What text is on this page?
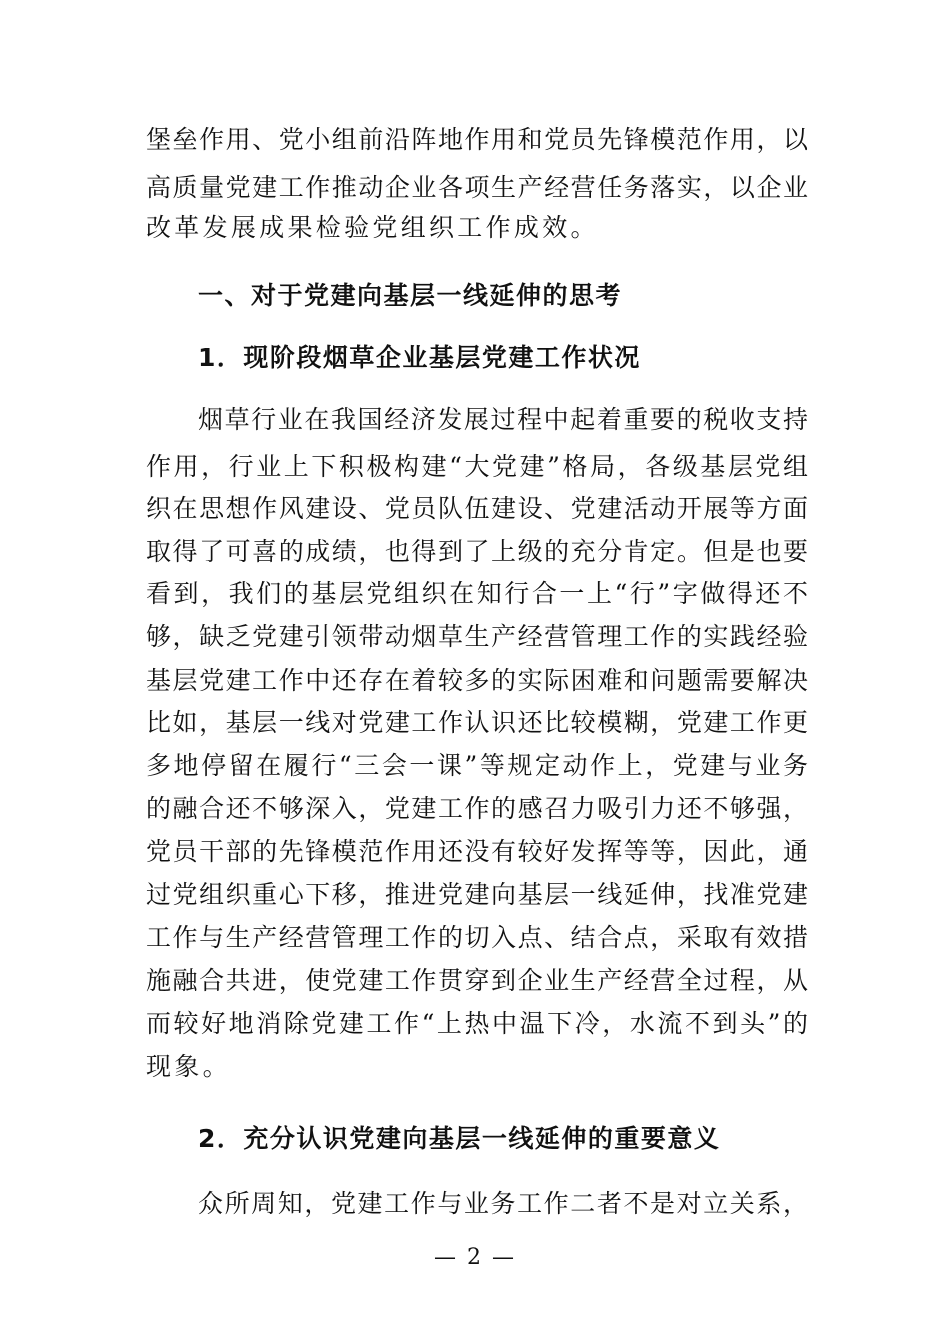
堡垒作用、党小组前沿阵地作用和党员先锋模范作用，以
高质量党建工作推动企业各项生产经营任务落实，以企业
改革发展成果检验党组织工作成效。
一、对于党建向基层一线延伸的思考
1．现阶段烟草企业基层党建工作状况
烟草行业在我国经济发展过程中起着重要的税收支持
作用，行业上下积极构建“大党建”格局，各级基层党组
织在思想作风建设、党员队伍建设、党建活动开展等方面
取得了可喜的成绩，也得到了上级的充分肯定。但是也要
看到，我们的基层党组织在知行合一上“行”字做得还不
够，缺乏党建引领带动烟草生产经营管理工作的实践经验
基层党建工作中还存在着较多的实际困难和问题需要解决
比如，基层一线对党建工作认识还比较模糊，党建工作更
多地停留在履行“三会一课”等规定动作上，党建与业务
的融合还不够深入，党建工作的感召力吸引力还不够强，
党员干部的先锋模范作用还没有较好发挥等等，因此，通
过党组织重心下移，推进党建向基层一线延伸，找准党建
工作与生产经营管理工作的切入点、结合点，采取有效措
施融合共进，使党建工作贯穿到企业生产经营全过程，从
而较好地消除党建工作“上热中温下冷，水流不到头”的
现象。
2．充分认识党建向基层一线延伸的重要意义
众所周知，党建工作与业务工作二者不是对立关系，
— 2 —
